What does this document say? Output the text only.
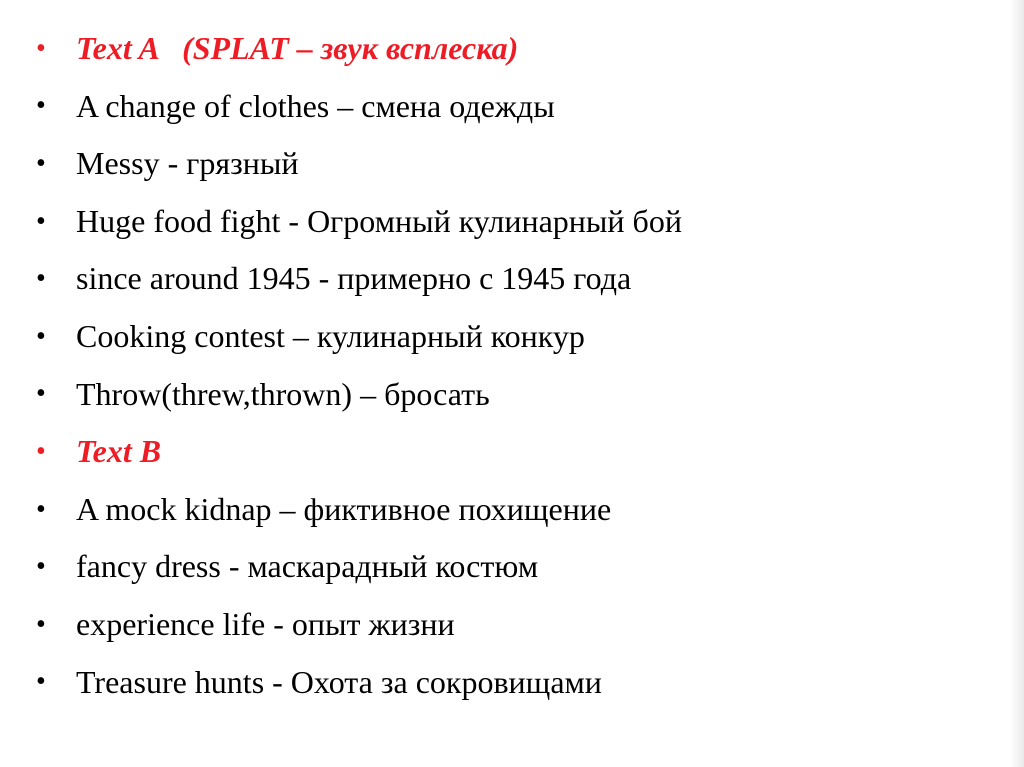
• Text A   (SPLAT – звук всплеска)
• A change of clothes – смена одежды
• Messy - грязный
• Huge food fight - Огромный кулинарный бой
• since around 1945 - примерно с 1945 года
• Cooking contest – кулинарный конкур
• Throw(threw,thrown) – бросать
• Text B
• A mock kidnap – фиктивное похищение
• fancy dress - маскарадный костюм
• experience life - опыт жизни
• Treasure hunts - Охота за сокровищами
